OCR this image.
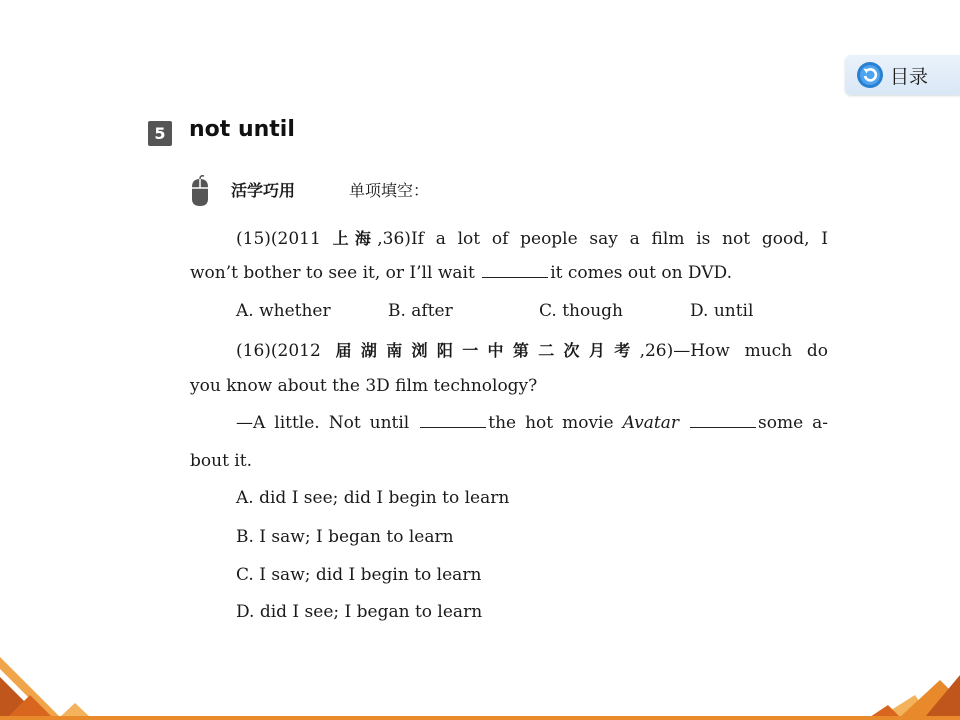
目录
5 not until
活学巧用	单项填空：
(15)(2011 上海,36)If a lot of people say a film is not good, I
won’t bother to see it, or I’ll wait	it comes out on DVD.
A. whether	B. after	C. though	D. until
(16)(2012 届湖南浏阳一中第二次月考,26)—How much do
you know about the 3D film technology?
—A little. Not until	the hot movie Avatar	some a-
bout it.
A. did I see; did I begin to learn
B. I saw; I began to learn
C. I saw; did I begin to learn
D. did I see; I began to learn
